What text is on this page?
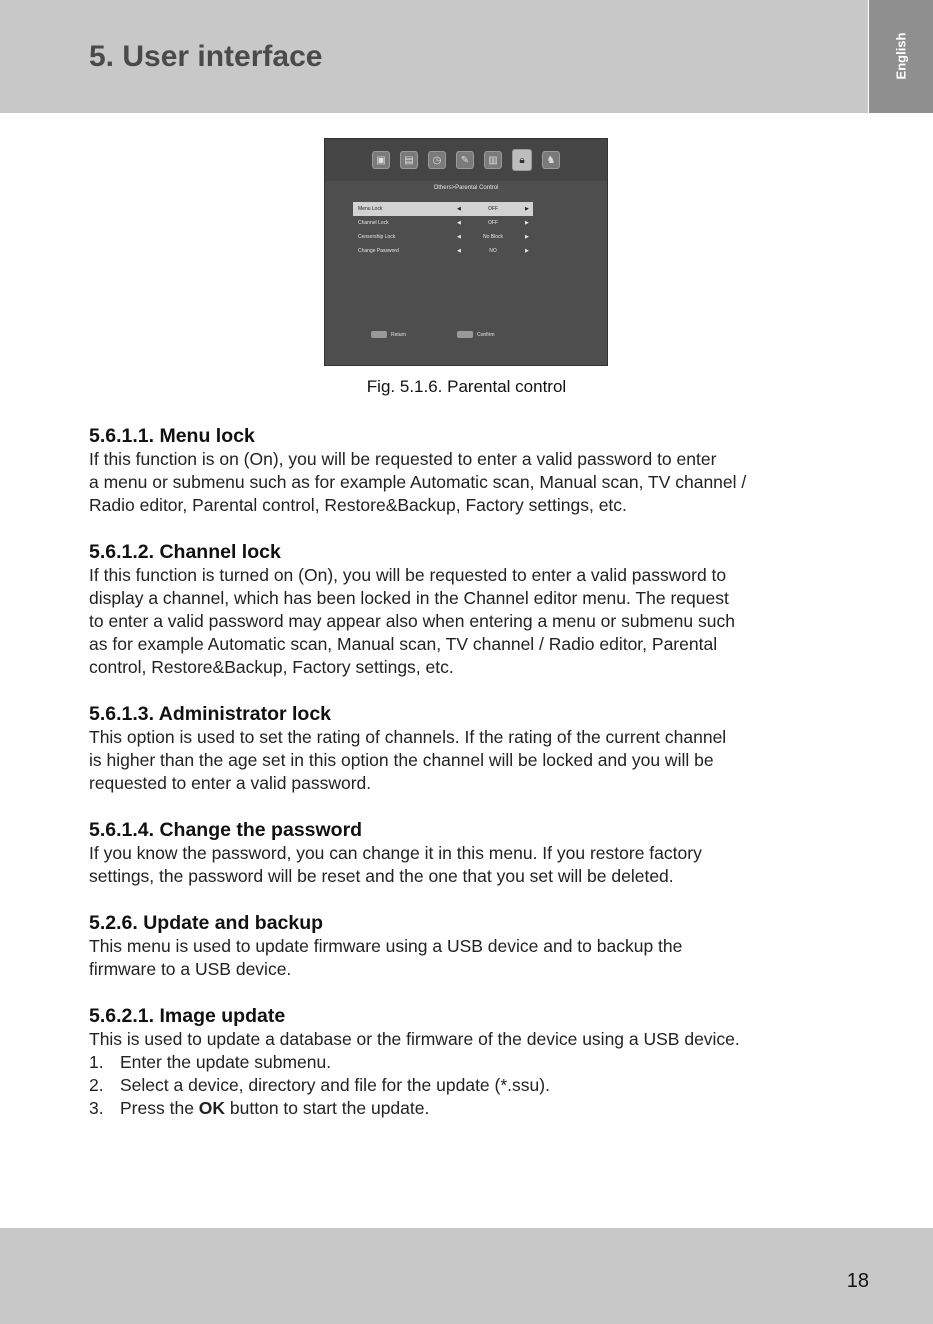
5. User interface	English
▣	▤	◷	✎	▥	🔒︎	♞
Others>Parental Control
Menu Lock	◀	OFF	▶
Channel Lock	◀	OFF	▶
Censorship Lock	◀	No Block	▶
Change Password	◀	NO	▶
Return	Confirm
Fig. 5.1.6. Parental control
5.6.1.1. Menu lock

If this function is on (On), you will be requested to enter a valid password to enter
a menu or submenu such as for example Automatic scan, Manual scan, TV channel /
Radio editor, Parental control, Restore&Backup, Factory settings, etc.

5.6.1.2. Channel lock

If this function is turned on (On), you will be requested to enter a valid password to
display a channel, which has been locked in the Channel editor menu. The request
to enter a valid password may appear also when entering a menu or submenu such
as for example Automatic scan, Manual scan, TV channel / Radio editor, Parental
control, Restore&Backup, Factory settings, etc.

5.6.1.3. Administrator lock

This option is used to set the rating of channels. If the rating of the current channel
is higher than the age set in this option the channel will be locked and you will be
requested to enter a valid password.

5.6.1.4. Change the password

If you know the password, you can change it in this menu. If you restore factory
settings, the password will be reset and the one that you set will be deleted.

5.2.6. Update and backup

This menu is used to update firmware using a USB device and to backup the
firmware to a USB device.

5.6.2.1. Image update

This is used to update a database or the firmware of the device using a USB device.

1. Enter the update submenu.
2. Select a device, directory and file for the update (*.ssu).
3. Press the OK button to start the update.
18
